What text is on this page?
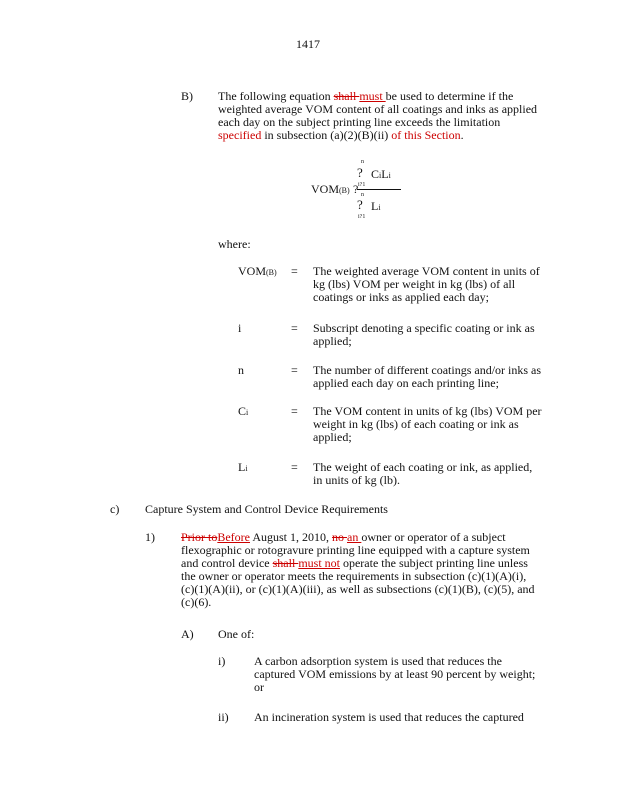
1417
B) The following equation shall must be used to determine if the
weighted average VOM content of all coatings and inks as applied
each day on the subject printing line exceeds the limitation
specified in subsection (a)(2)(B)(ii) of this Section.
n
? CiLi
i?1
VOM(B) ? n
? Li
i?1
where:
VOM(B) = The weighted average VOM content in units of
kg (lbs) VOM per weight in kg (lbs) of all
coatings or inks as applied each day;
i	= Subscript denoting a specific coating or ink as
applied;
n	= The number of different coatings and/or inks as
applied each day on each printing line;
Ci	= The VOM content in units of kg (lbs) VOM per
weight in kg (lbs) of each coating or ink as
applied;
Li	= The weight of each coating or ink, as applied,
in units of kg (lb).
c) Capture System and Control Device Requirements
1) Prior toBefore August 1, 2010, no an owner or operator of a subject
flexographic or rotogravure printing line equipped with a capture system
and control device shall must not operate the subject printing line unless
the owner or operator meets the requirements in subsection (c)(1)(A)(i),
(c)(1)(A)(ii), or (c)(1)(A)(iii), as well as subsections (c)(1)(B), (c)(5), and
(c)(6).
A) One of:
i) A carbon adsorption system is used that reduces the
captured VOM emissions by at least 90 percent by weight;
or
ii) An incineration system is used that reduces the captured
